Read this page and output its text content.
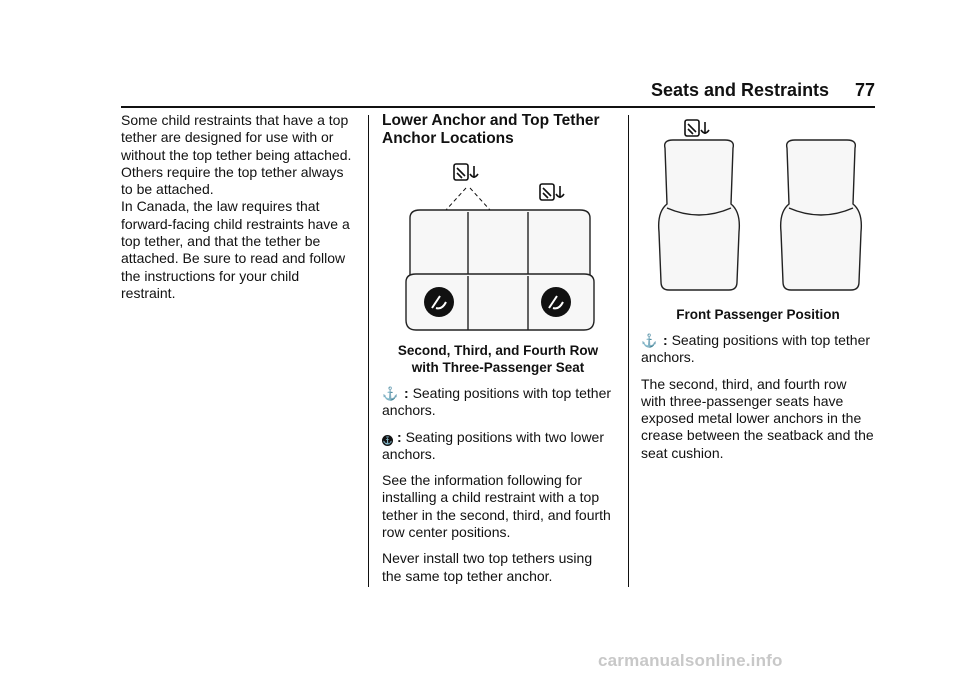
Seats and Restraints 77

Some child restraints that have a top tether are designed for use with or without the top tether being attached. Others require the top tether always to be attached.

In Canada, the law requires that forward-facing child restraints have a top tether, and that the tether be attached. Be sure to read and follow the instructions for your child restraint.

Lower Anchor and Top Tether Anchor Locations
Second, Third, and Fourth Row
with Three-Passenger Seat

⚓ : Seating positions with top tether anchors.

⚓ : Seating positions with two lower anchors.

See the information following for installing a child restraint with a top tether in the second, third, and fourth row center positions.

Never install two top tethers using the same top tether anchor.

Front Passenger Position

⚓ : Seating positions with top tether anchors.

The second, third, and fourth row with three-passenger seats have exposed metal lower anchors in the crease between the seatback and the seat cushion.

carmanualsonline.info
